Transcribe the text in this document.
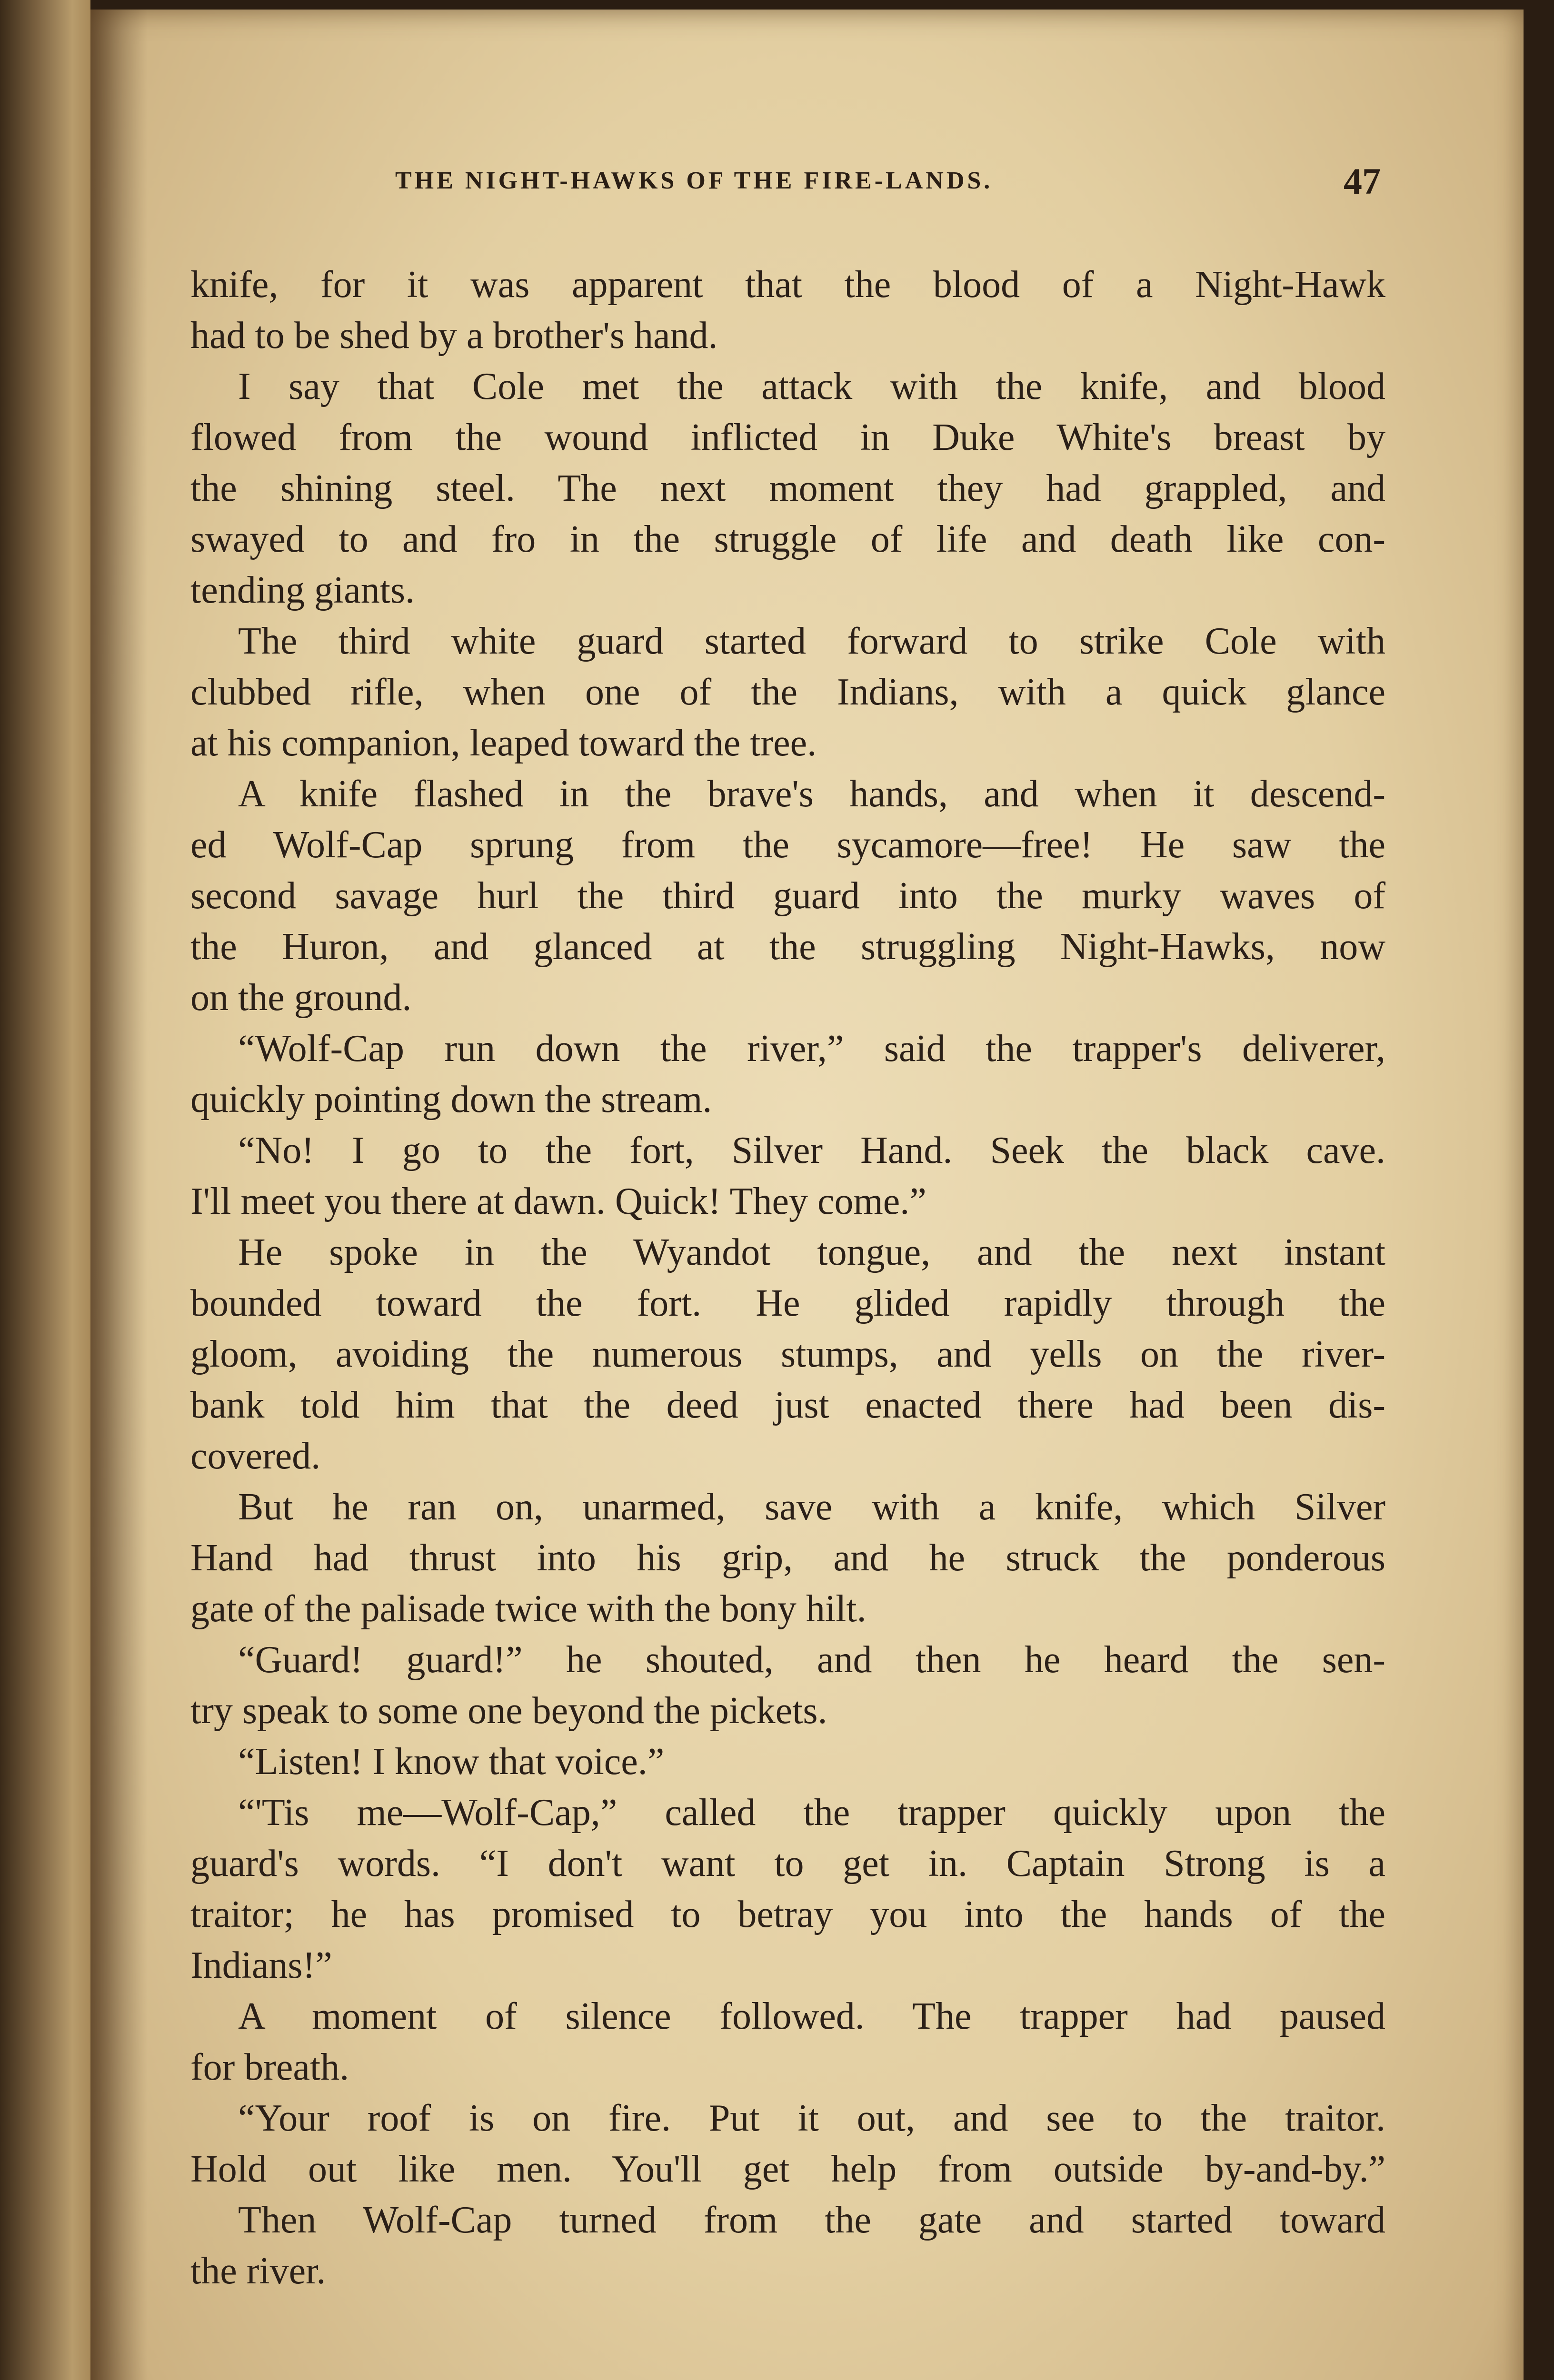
THE NIGHT-HAWKS OF THE FIRE-LANDS.	47
knife, for it was apparent that the blood of a Night-Hawk
had to be shed by a brother's hand.
I say that Cole met the attack with the knife, and blood
flowed from the wound inflicted in Duke White's breast by
the shining steel. The next moment they had grappled, and
swayed to and fro in the struggle of life and death like con-
tending giants.
The third white guard started forward to strike Cole with
clubbed rifle, when one of the Indians, with a quick glance
at his companion, leaped toward the tree.
A knife flashed in the brave's hands, and when it descend-
ed Wolf-Cap sprung from the sycamore—free! He saw the
second savage hurl the third guard into the murky waves of
the Huron, and glanced at the struggling Night-Hawks, now
on the ground.
“Wolf-Cap run down the river,” said the trapper's deliverer,
quickly pointing down the stream.
“No! I go to the fort, Silver Hand. Seek the black cave.
I'll meet you there at dawn. Quick! They come.”
He spoke in the Wyandot tongue, and the next instant
bounded toward the fort. He glided rapidly through the
gloom, avoiding the numerous stumps, and yells on the river-
bank told him that the deed just enacted there had been dis-
covered.
But he ran on, unarmed, save with a knife, which Silver
Hand had thrust into his grip, and he struck the ponderous
gate of the palisade twice with the bony hilt.
“Guard! guard!” he shouted, and then he heard the sen-
try speak to some one beyond the pickets.
“Listen! I know that voice.”
“'Tis me—Wolf-Cap,” called the trapper quickly upon the
guard's words. “I don't want to get in. Captain Strong is a
traitor; he has promised to betray you into the hands of the
Indians!”
A moment of silence followed. The trapper had paused
for breath.
“Your roof is on fire. Put it out, and see to the traitor.
Hold out like men. You'll get help from outside by-and-by.”
Then Wolf-Cap turned from the gate and started toward
the river.
